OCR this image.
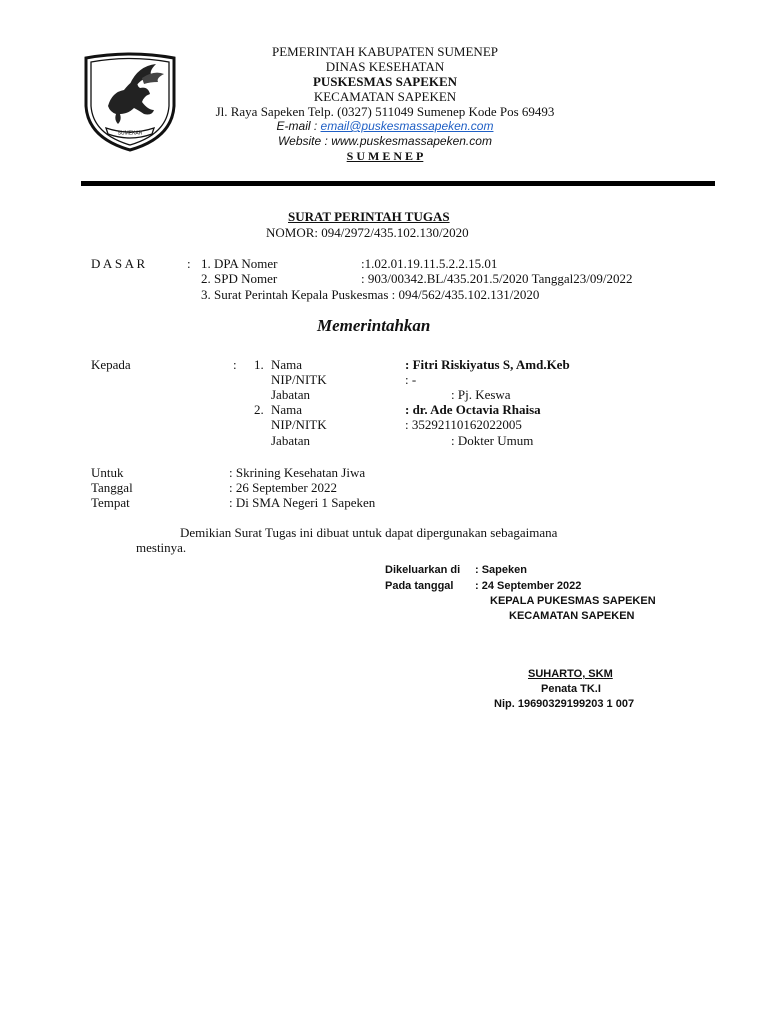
SUMEKAR
PEMERINTAH KABUPATEN SUMENEP
DINAS KESEHATAN
PUSKESMAS SAPEKEN
KECAMATAN SAPEKEN
Jl. Raya Sapeken Telp. (0327) 511049 Sumenep Kode Pos 69493
E-mail : email@puskesmassapeken.com
Website : www.puskesmassapeken.com
S U M E N E P
SURAT PERINTAH TUGAS
NOMOR: 094/2972/435.102.130/2020
D A S A R	: 1. DPA Nomer	:1.02.01.19.11.5.2.2.15.01
2. SPD Nomer	: 903/00342.BL/435.201.5/2020 Tanggal23/09/2022
3. Surat Perintah Kepala Puskesmas : 094/562/435.102.131/2020
Memerintahkan
Kepada	: 1. Nama	: Fitri Riskiyatus S, Amd.Keb
NIP/NITK	: -
Jabatan	: Pj. Keswa
2. Nama	: dr. Ade Octavia Rhaisa
NIP/NITK	: 35292110162022005
Jabatan	: Dokter Umum
Untuk	: Skrining Kesehatan Jiwa
Tanggal	: 26 September 2022
Tempat	: Di SMA Negeri 1 Sapeken
Demikian Surat Tugas ini dibuat untuk dapat dipergunakan sebagaimana
mestinya.
Dikeluarkan di : Sapeken
Pada tanggal : 24 September 2022
KEPALA PUKESMAS SAPEKEN
KECAMATAN SAPEKEN
SUHARTO, SKM
Penata TK.I
Nip. 19690329199203 1 007
